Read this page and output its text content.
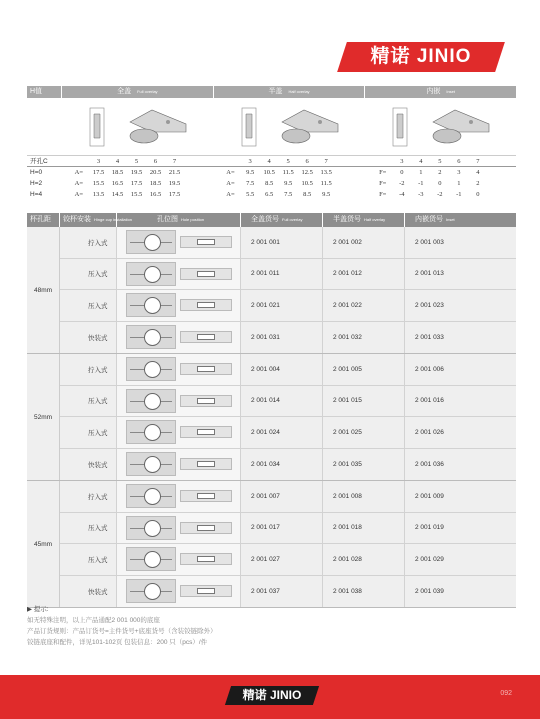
精诺 JINIO
H值	全盖 Full overlay	半盖 Half overlay	内嵌 Inset
开孔C	3	4	5	6	7	3	4	5	6	7	3	4	5	6	7
H=0	A=	17.5	18.5	19.5	20.5	21.5	A=	9.5	10.5	11.5	12.5	13.5	F=	0	1	2	3	4
H=2	A=	15.5	16.5	17.5	18.5	19.5	A=	7.5	8.5	9.5	10.5	11.5	F=	-2	-1	0	1	2
H=4	A=	13.5	14.5	15.5	16.5	17.5	A=	5.5	6.5	7.5	8.5	9.5	F=	-4	-3	-2	-1	0
杯孔距	铰杯安装 Hinge cup installation	孔位图 Hole position	全盖货号 Full overlay	半盖货号 Half overlay	内嵌货号 Inset
48mm
拧入式	2 001 001	2 001 002	2 001 003
压入式	2 001 011	2 001 012	2 001 013
压入式	2 001 021	2 001 022	2 001 023
快装式	2 001 031	2 001 032	2 001 033
52mm
拧入式	2 001 004	2 001 005	2 001 006
压入式	2 001 014	2 001 015	2 001 016
压入式	2 001 024	2 001 025	2 001 026
快装式	2 001 034	2 001 035	2 001 036
45mm
拧入式	2 001 007	2 001 008	2 001 009
压入式	2 001 017	2 001 018	2 001 019
压入式	2 001 027	2 001 028	2 001 029
快装式	2 001 037	2 001 038	2 001 039
▶ 提示:
如无特殊注明，以上产品通配2 001 000的底座
产品订货规则：产品订货号=主件货号+底座货号（含装铰链除外）
铰链底座和配件，详见101-102页 包装信息：200 只（pcs）/件
精诺 JINIO	092
